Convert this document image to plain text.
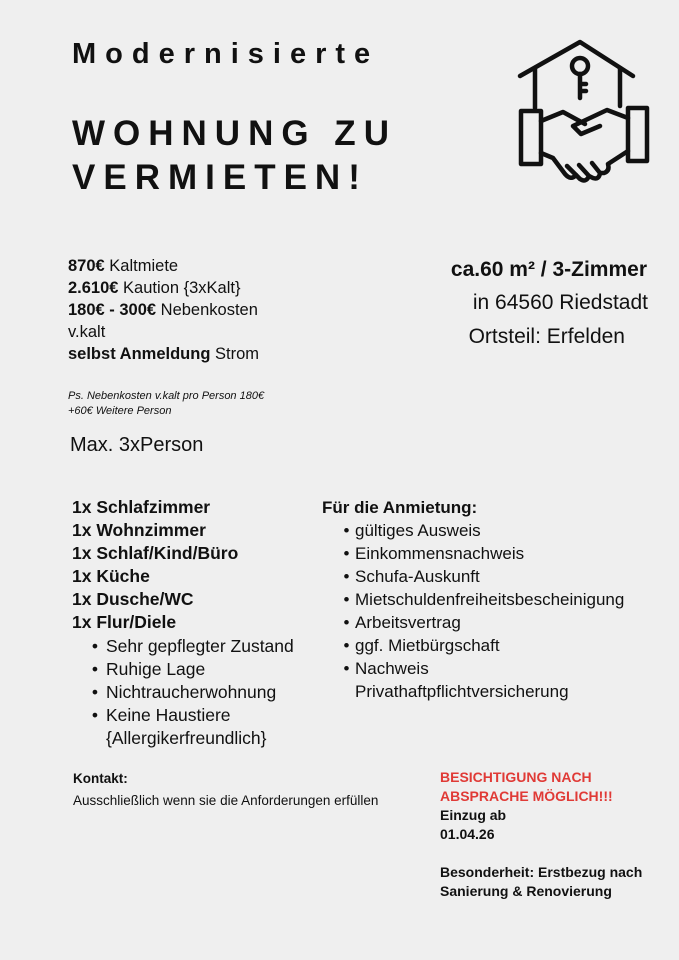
Modernisierte
WOHNUNG ZU
VERMIETEN!
870€ Kaltmiete
2.610€ Kaution {3xKalt}
180€ - 300€ Nebenkosten
v.kalt
selbst Anmeldung Strom
Ps. Nebenkosten v.kalt pro Person 180€
+60€ Weitere Person
Max. 3xPerson
ca.60 m² / 3-Zimmer
in 64560 Riedstadt
Ortsteil: Erfelden
1x Schlafzimmer
1x Wohnzimmer
1x Schlaf/Kind/Büro
1x Küche
1x Dusche/WC
1x Flur/Diele
• Sehr gepflegter Zustand
• Ruhige Lage
• Nichtraucherwohnung
• Keine Haustiere {Allergikerfreundlich}
Für die Anmietung:
• gültiges Ausweis
• Einkommensnachweis
• Schufa-Auskunft
• Mietschuldenfreiheitsbescheinigung
• Arbeitsvertrag
• ggf. Mietbürgschaft
• Nachweis Privathaftpflichtversicherung
Kontakt:
Ausschließlich wenn sie die Anforderungen erfüllen
BESICHTIGUNG NACH ABSPRACHE MÖGLICH!!!
Einzug ab
01.04.26
Besonderheit: Erstbezug nach Sanierung & Renovierung
